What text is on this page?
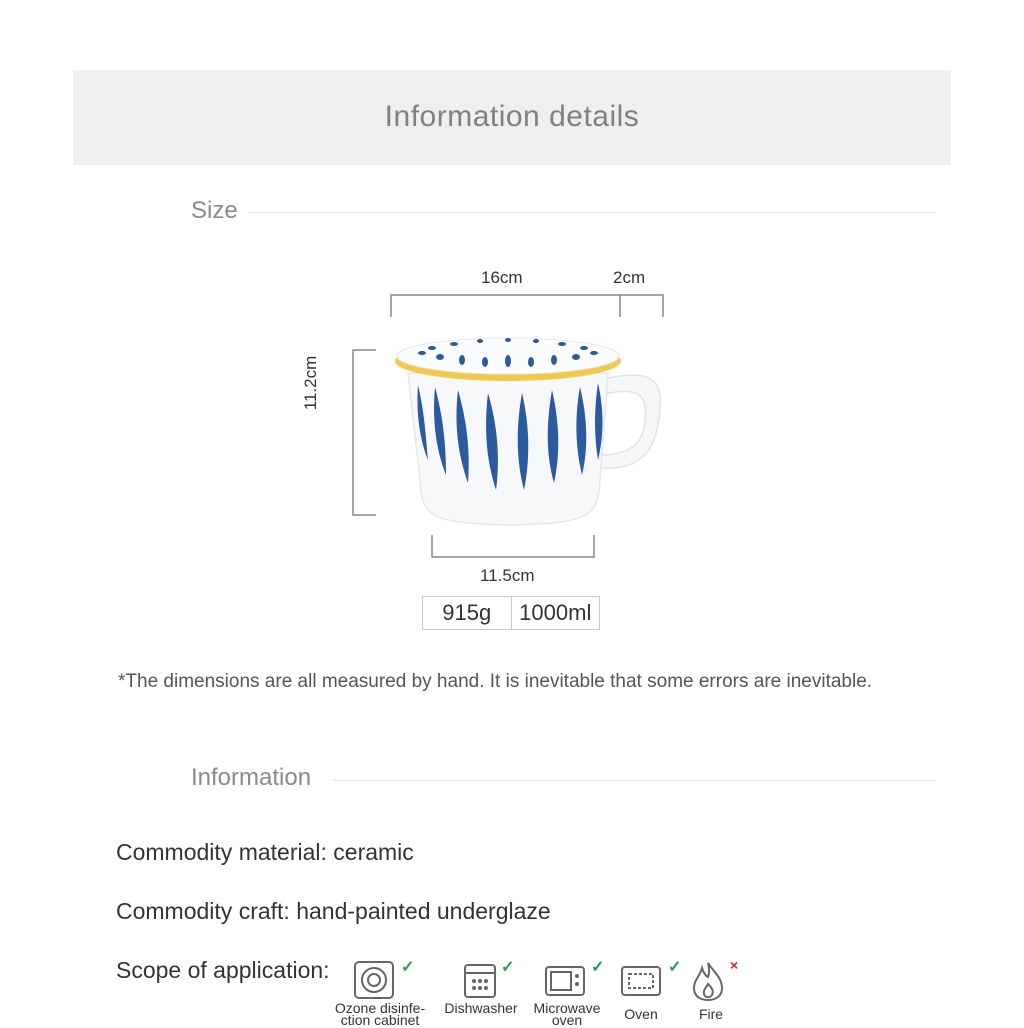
Information details
Size
16cm	2cm
11.2cm
11.5cm
915g	1000ml
*The dimensions are all measured by hand. It is inevitable that some errors are inevitable.
Information
Commodity material: ceramic
Commodity craft: hand-painted underglaze
Scope of application:	✓
Ozone disinfe-
ction cabinet
✓
Dishwasher
✓
Microwave
oven
✓
Oven
×
Fire
